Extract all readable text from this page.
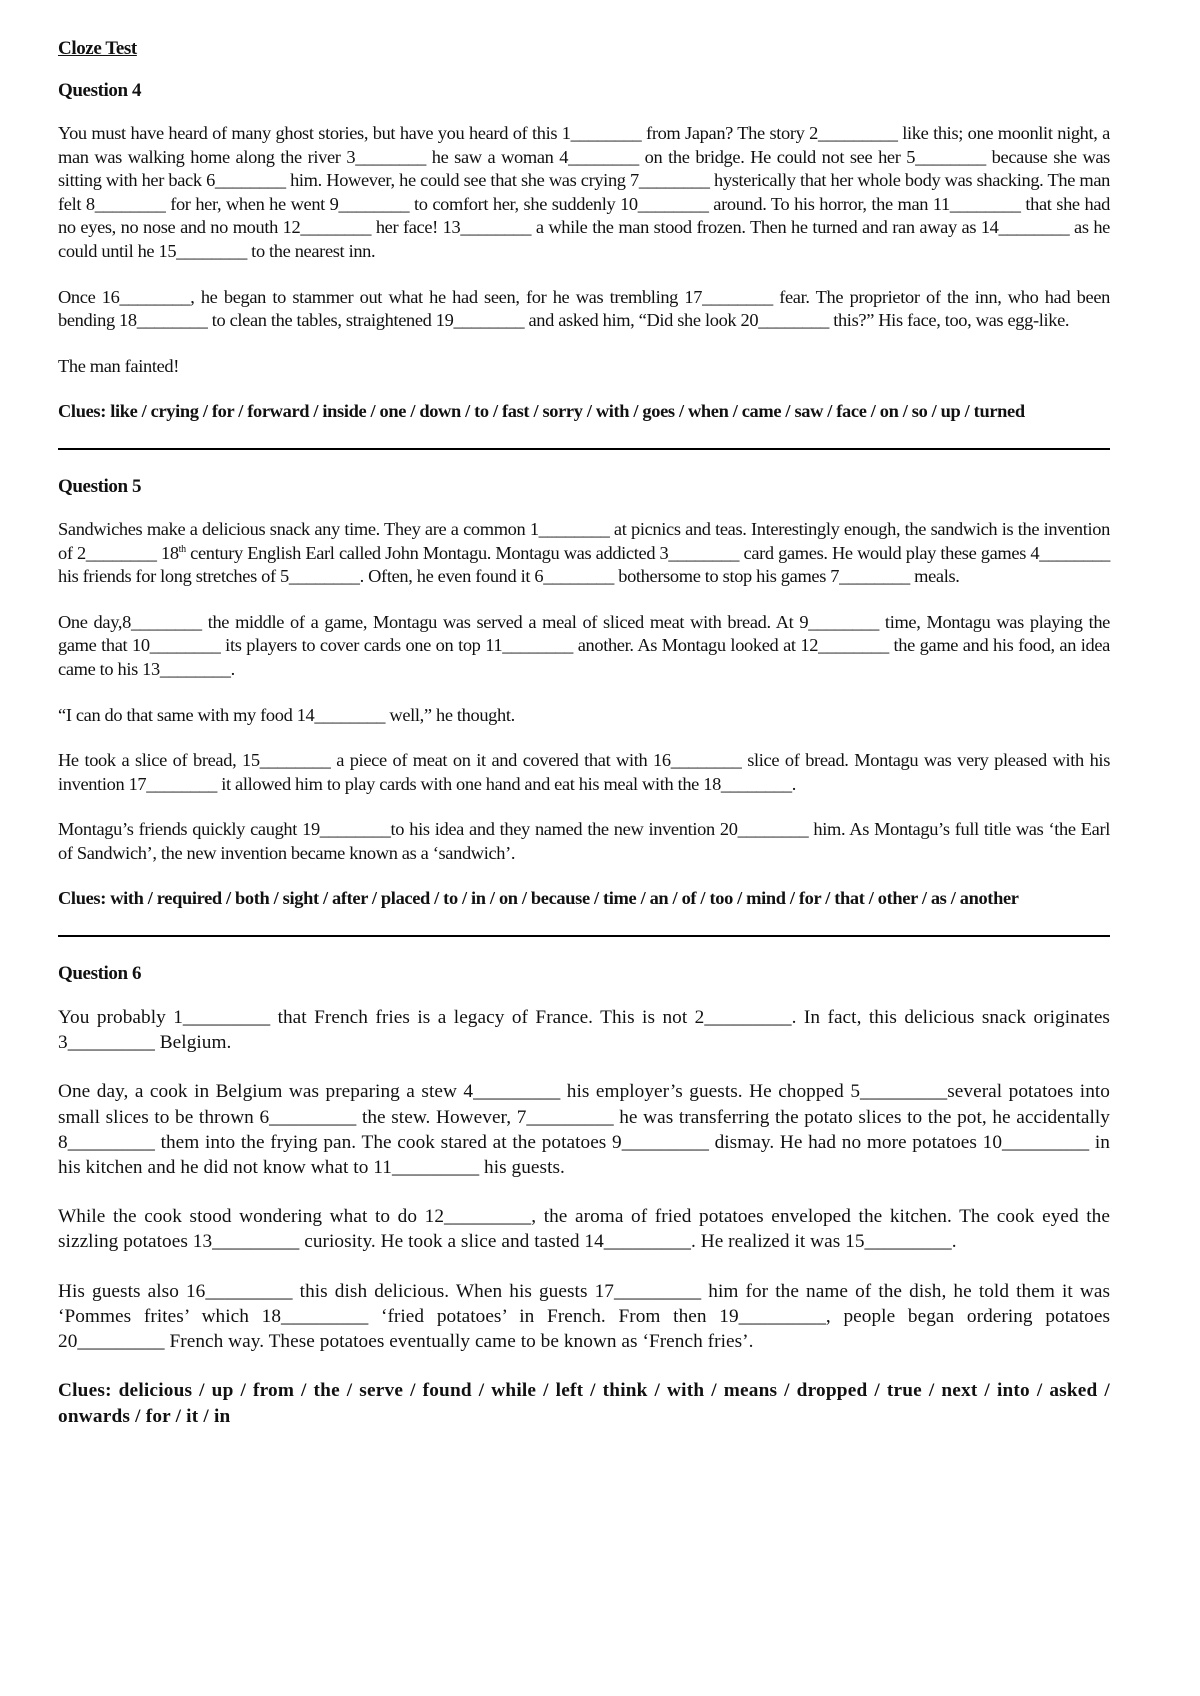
Cloze Test
Question 4

You must have heard of many ghost stories, but have you heard of this 1________ from Japan? The story 2_________ like this; one moonlit night, a man was walking home along the river 3________ he saw a woman 4________ on the bridge. He could not see her 5________ because she was sitting with her back 6________ him. However, he could see that she was crying 7________ hysterically that her whole body was shacking. The man felt 8________ for her, when he went 9________ to comfort her, she suddenly 10________ around. To his horror, the man 11________ that she had no eyes, no nose and no mouth 12________ her face! 13________ a while the man stood frozen. Then he turned and ran away as 14________ as he could until he 15________ to the nearest inn.

Once 16________, he began to stammer out what he had seen, for he was trembling 17________ fear. The proprietor of the inn, who had been bending 18________ to clean the tables, straightened 19________ and asked him, “Did she look 20________ this?” His face, too, was egg-like.

The man fainted!

Clues: like / crying / for / forward / inside / one / down / to / fast / sorry / with / goes / when / came / saw / face / on / so / up / turned

Question 5

Sandwiches make a delicious snack any time. They are a common 1________ at picnics and teas. Interestingly enough, the sandwich is the invention of 2________ 18th century English Earl called John Montagu. Montagu was addicted 3________ card games. He would play these games 4________ his friends for long stretches of 5________. Often, he even found it 6________ bothersome to stop his games 7________ meals.

One day,8________ the middle of a game, Montagu was served a meal of sliced meat with bread. At 9________ time, Montagu was playing the game that 10________ its players to cover cards one on top 11________ another. As Montagu looked at 12________ the game and his food, an idea came to his 13________.

“I can do that same with my food 14________ well,” he thought.

He took a slice of bread, 15________ a piece of meat on it and covered that with 16________ slice of bread. Montagu was very pleased with his invention 17________ it allowed him to play cards with one hand and eat his meal with the 18________.

Montagu’s friends quickly caught 19________to his idea and they named the new invention 20________ him. As Montagu’s full title was ‘the Earl of Sandwich’, the new invention became known as a ‘sandwich’.

Clues: with / required / both / sight / after / placed / to / in / on / because / time / an / of / too / mind / for / that / other / as / another

Question 6

You probably 1_________ that French fries is a legacy of France. This is not 2_________. In fact, this delicious snack originates 3_________ Belgium.

One day, a cook in Belgium was preparing a stew 4_________ his employer’s guests. He chopped 5_________several potatoes into small slices to be thrown 6_________ the stew. However, 7_________ he was transferring the potato slices to the pot, he accidentally 8_________ them into the frying pan. The cook stared at the potatoes 9_________ dismay. He had no more potatoes 10_________ in his kitchen and he did not know what to 11_________ his guests.

While the cook stood wondering what to do 12_________, the aroma of fried potatoes enveloped the kitchen. The cook eyed the sizzling potatoes 13_________ curiosity. He took a slice and tasted 14_________. He realized it was 15_________.

His guests also 16_________ this dish delicious. When his guests 17_________ him for the name of the dish, he told them it was ‘Pommes frites’ which 18_________ ‘fried potatoes’ in French. From then 19_________, people began ordering potatoes 20_________ French way. These potatoes eventually came to be known as ‘French fries’.

Clues: delicious / up / from / the / serve / found / while / left / think / with / means / dropped / true / next / into / asked / onwards / for / it / in
